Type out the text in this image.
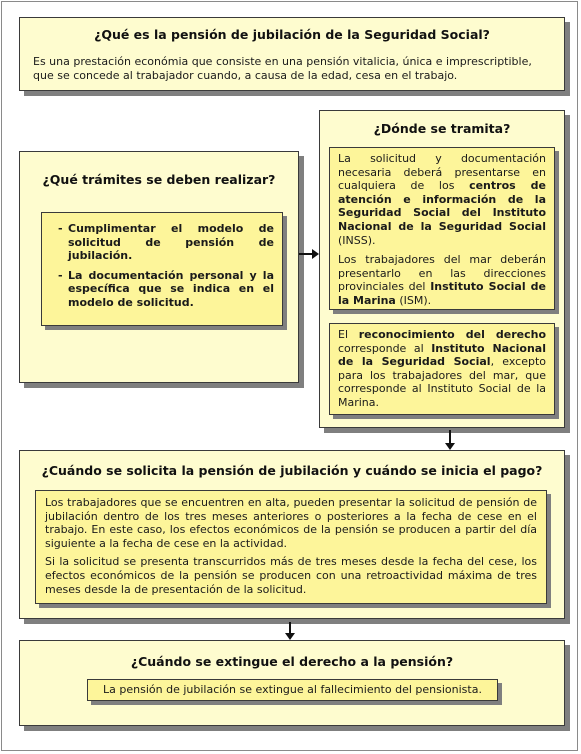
¿Qué es la pensión de jubilación de la Seguridad Social?

Es una prestación económia que consiste en una pensión vitalicia, única e imprescriptible, que se concede al trabajador cuando, a causa de la edad, cesa en el trabajo.

¿Qué trámites se deben realizar?
- Cumplimentar el modelo de solicitud de pensión de jubilación.
- La documentación personal y la específica que se indica en el modelo de solicitud.
¿Dónde se tramita?

La solicitud y documentación necesaria deberá presentarse en cualquiera de los centros de atención e información de la Seguridad Social del Instituto Nacional de la Seguridad Social (INSS).

Los trabajadores del mar deberán presentarlo en las direcciones provinciales del Instituto Social de la Marina (ISM).

El reconocimiento del derecho corresponde al Instituto Nacional de la Seguridad Social, excepto para los trabajadores del mar, que corresponde al Instituto Social de la Marina.

¿Cuándo se solicita la pensión de jubilación y cuándo se inicia el pago?

Los trabajadores que se encuentren en alta, pueden presentar la solicitud de pensión de jubilación dentro de los tres meses anteriores o posteriores a la fecha de cese en el trabajo. En este caso, los efectos económicos de la pensión se producen a partir del día siguiente a la fecha de cese en la actividad.

Si la solicitud se presenta transcurridos más de tres meses desde la fecha del cese, los efectos económicos de la pensión se producen con una retroactividad máxima de tres meses desde la de presentación de la solicitud.

¿Cuándo se extingue el derecho a la pensión?

La pensión de jubilación se extingue al fallecimiento del pensionista.
